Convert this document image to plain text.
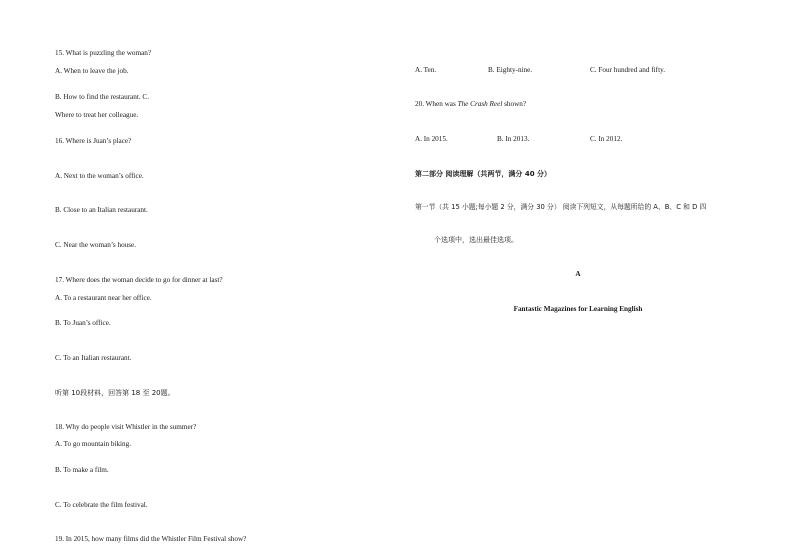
15. What is puzzling the woman?
A. When to leave the job.
B. How to find the restaurant. C.
Where to treat her colleague.
16. Where is Juan’s place?
A. Next to the woman’s office.
B. Close to an Italian restaurant.
C. Near the woman’s house.
17. Where does the woman decide to go for dinner at last?
A. To a restaurant near her office.
B. To Juan’s office.
C. To an Italian restaurant.
听第 10段材料，回答第 18 至 20题。
18. Why do people visit Whistler in the summer?
A. To go mountain biking.
B. To make a film.
C. To celebrate the film festival.
19. In 2015, how many films did the Whistler Film Festival show?
A. Ten.	B. Eighty-nine.	C. Four hundred and fifty.
20. When was The Crash Reel shown?
A. In 2015.	B. In 2013.	C. In 2012.
第二部分 阅读理解（共两节，满分 40 分）
第一节（共 15 小题;每小题 2 分，满分 30 分） 阅读下列短文，从每题所给的 A、B、C 和 D 四
个选项中，选出最佳选项。
A
Fantastic Magazines for Learning English
